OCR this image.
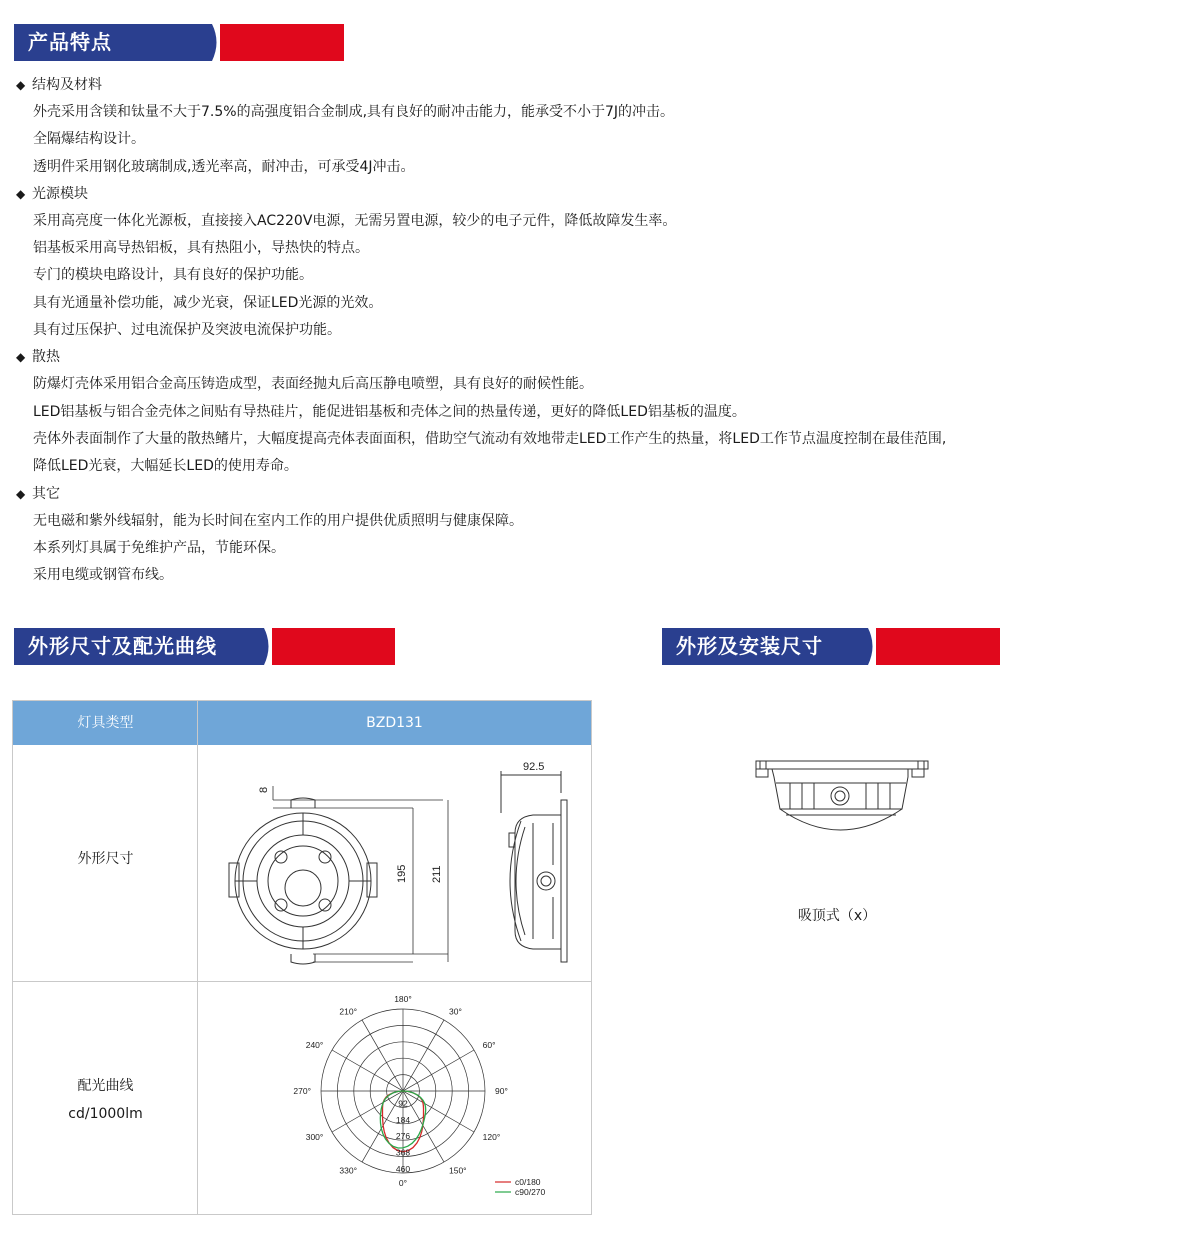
产品特点
◆ 结构及材料
外壳采用含镁和钛量不大于7.5%的高强度铝合金制成,具有良好的耐冲击能力，能承受不小于7J的冲击。
全隔爆结构设计。
透明件采用钢化玻璃制成,透光率高，耐冲击，可承受4J冲击。
◆ 光源模块
采用高亮度一体化光源板，直接接入AC220V电源，无需另置电源，较少的电子元件，降低故障发生率。
铝基板采用高导热铝板，具有热阻小，导热快的特点。
专门的模块电路设计，具有良好的保护功能。
具有光通量补偿功能，减少光衰，保证LED光源的光效。
具有过压保护、过电流保护及突波电流保护功能。
◆ 散热
防爆灯壳体采用铝合金高压铸造成型，表面经抛丸后高压静电喷塑，具有良好的耐候性能。
LED铝基板与铝合金壳体之间贴有导热硅片，能促进铝基板和壳体之间的热量传递，更好的降低LED铝基板的温度。
壳体外表面制作了大量的散热鳍片，大幅度提高壳体表面面积，借助空气流动有效地带走LED工作产生的热量，将LED工作节点温度控制在最佳范围,
降低LED光衰，大幅延长LED的使用寿命。
◆ 其它
无电磁和紫外线辐射，能为长时间在室内工作的用户提供优质照明与健康保障。
本系列灯具属于免维护产品，节能环保。
采用电缆或钢管布线。
外形尺寸及配光曲线	外形及安装尺寸
灯具类型	BZD131
外形尺寸
配光曲线
cd/1000lm
8
195 211
92.5
180°
0°
150°
120°
90°
60°
30°
210°
240°
270°
300°
330°
92
184
276
368
460
c0/180
c90/270
吸顶式（x）
